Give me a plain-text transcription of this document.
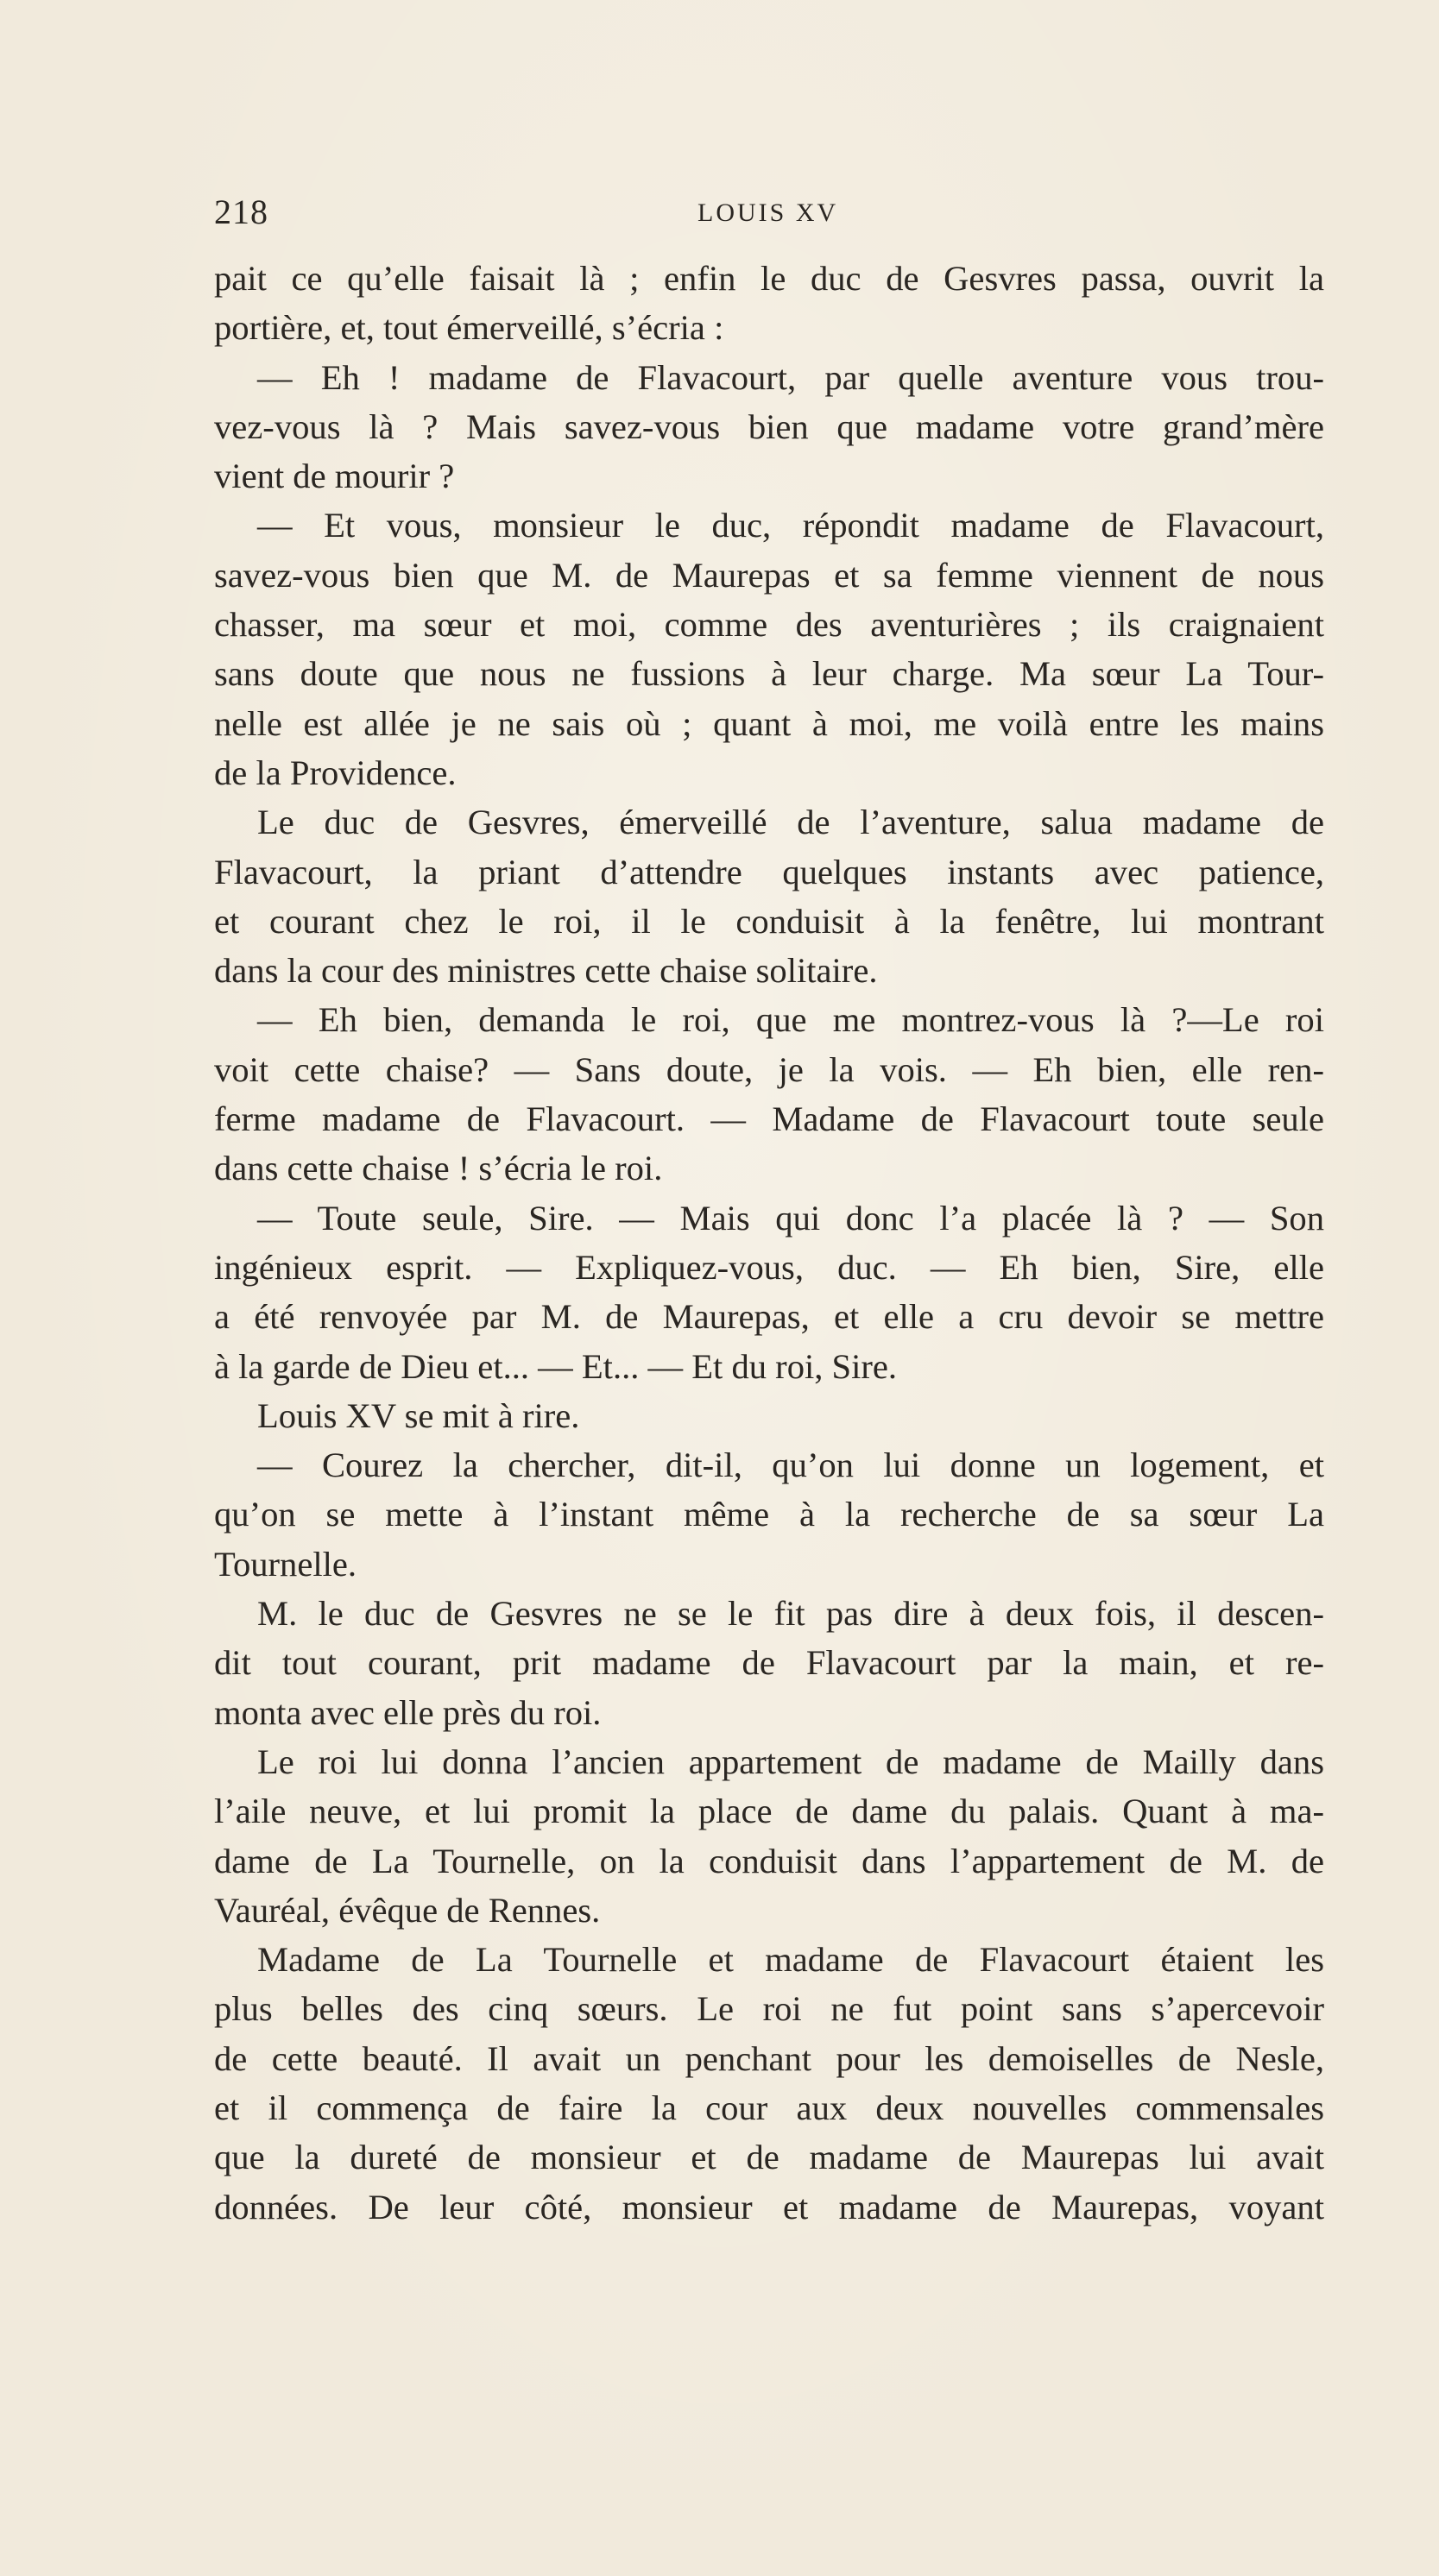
218	LOUIS XV
pait ce qu’elle faisait là ; enfin le duc de Gesvres passa, ouvrit la
portière, et, tout émerveillé, s’écria :
— Eh ! madame de Flavacourt, par quelle aventure vous trou-
vez-vous là ? Mais savez-vous bien que madame votre grand’mère
vient de mourir ?
— Et vous, monsieur le duc, répondit madame de Flavacourt,
savez-vous bien que M. de Maurepas et sa femme viennent de nous
chasser, ma sœur et moi, comme des aventurières ; ils craignaient
sans doute que nous ne fussions à leur charge. Ma sœur La Tour-
nelle est allée je ne sais où ; quant à moi, me voilà entre les mains
de la Providence.
Le duc de Gesvres, émerveillé de l’aventure, salua madame de
Flavacourt, la priant d’attendre quelques instants avec patience,
et courant chez le roi, il le conduisit à la fenêtre, lui montrant
dans la cour des ministres cette chaise solitaire.
— Eh bien, demanda le roi, que me montrez-vous là ?—Le roi
voit cette chaise? — Sans doute, je la vois. — Eh bien, elle ren-
ferme madame de Flavacourt. — Madame de Flavacourt toute seule
dans cette chaise ! s’écria le roi.
— Toute seule, Sire. — Mais qui donc l’a placée là ? — Son
ingénieux esprit. — Expliquez-vous, duc. — Eh bien, Sire, elle
a été renvoyée par M. de Maurepas, et elle a cru devoir se mettre
à la garde de Dieu et... — Et... — Et du roi, Sire.
Louis XV se mit à rire.
— Courez la chercher, dit-il, qu’on lui donne un logement, et
qu’on se mette à l’instant même à la recherche de sa sœur La
Tournelle.
M. le duc de Gesvres ne se le fit pas dire à deux fois, il descen-
dit tout courant, prit madame de Flavacourt par la main, et re-
monta avec elle près du roi.
Le roi lui donna l’ancien appartement de madame de Mailly dans
l’aile neuve, et lui promit la place de dame du palais. Quant à ma-
dame de La Tournelle, on la conduisit dans l’appartement de M. de
Vauréal, évêque de Rennes.
Madame de La Tournelle et madame de Flavacourt étaient les
plus belles des cinq sœurs. Le roi ne fut point sans s’apercevoir
de cette beauté. Il avait un penchant pour les demoiselles de Nesle,
et il commença de faire la cour aux deux nouvelles commensales
que la dureté de monsieur et de madame de Maurepas lui avait
données. De leur côté, monsieur et madame de Maurepas, voyant
